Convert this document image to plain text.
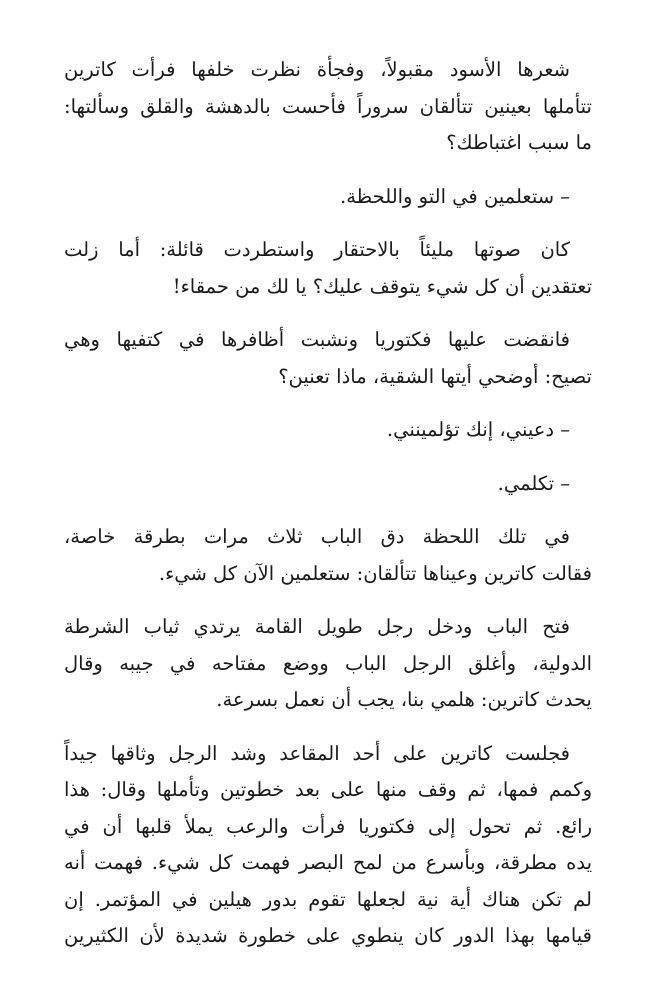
شعرها الأسود مقبولاً، وفجأة نظرت خلفها فرأت كاترين
تتأملها بعينين تتألقان سروراً فأحست بالدهشة والقلق وسألتها:
ما سبب اغتباطك؟

– ستعلمين في التو واللحظة.

كان صوتها مليئاً بالاحتقار واستطردت قائلة: أما زلت
تعتقدين أن كل شيء يتوقف عليك؟ يا لك من حمقاء!

فانقضت عليها فكتوريا ونشبت أظافرها في كتفيها وهي
تصيح: أوضحي أيتها الشقية، ماذا تعنين؟

– دعيني، إنك تؤلمينني.

– تكلمي.

في تلك اللحظة دق الباب ثلاث مرات بطرقة خاصة،
فقالت كاترين وعيناها تتألقان: ستعلمين الآن كل شيء.

فتح الباب ودخل رجل طويل القامة يرتدي ثياب الشرطة
الدولية، وأغلق الرجل الباب ووضع مفتاحه في جيبه وقال
يحدث كاترين: هلمي بنا، يجب أن نعمل بسرعة.

فجلست كاترين على أحد المقاعد وشد الرجل وثاقها جيداً
وكمم فمها، ثم وقف منها على بعد خطوتين وتأملها وقال: هذا
رائع. ثم تحول إلى فكتوريا فرأت والرعب يملأ قلبها أن في
يده مطرقة، وبأسرع من لمح البصر فهمت كل شيء. فهمت أنه
لم تكن هناك أية نية لجعلها تقوم بدور هيلين في المؤتمر. إن
قيامها بهذا الدور كان ينطوي على خطورة شديدة لأن الكثيرين
